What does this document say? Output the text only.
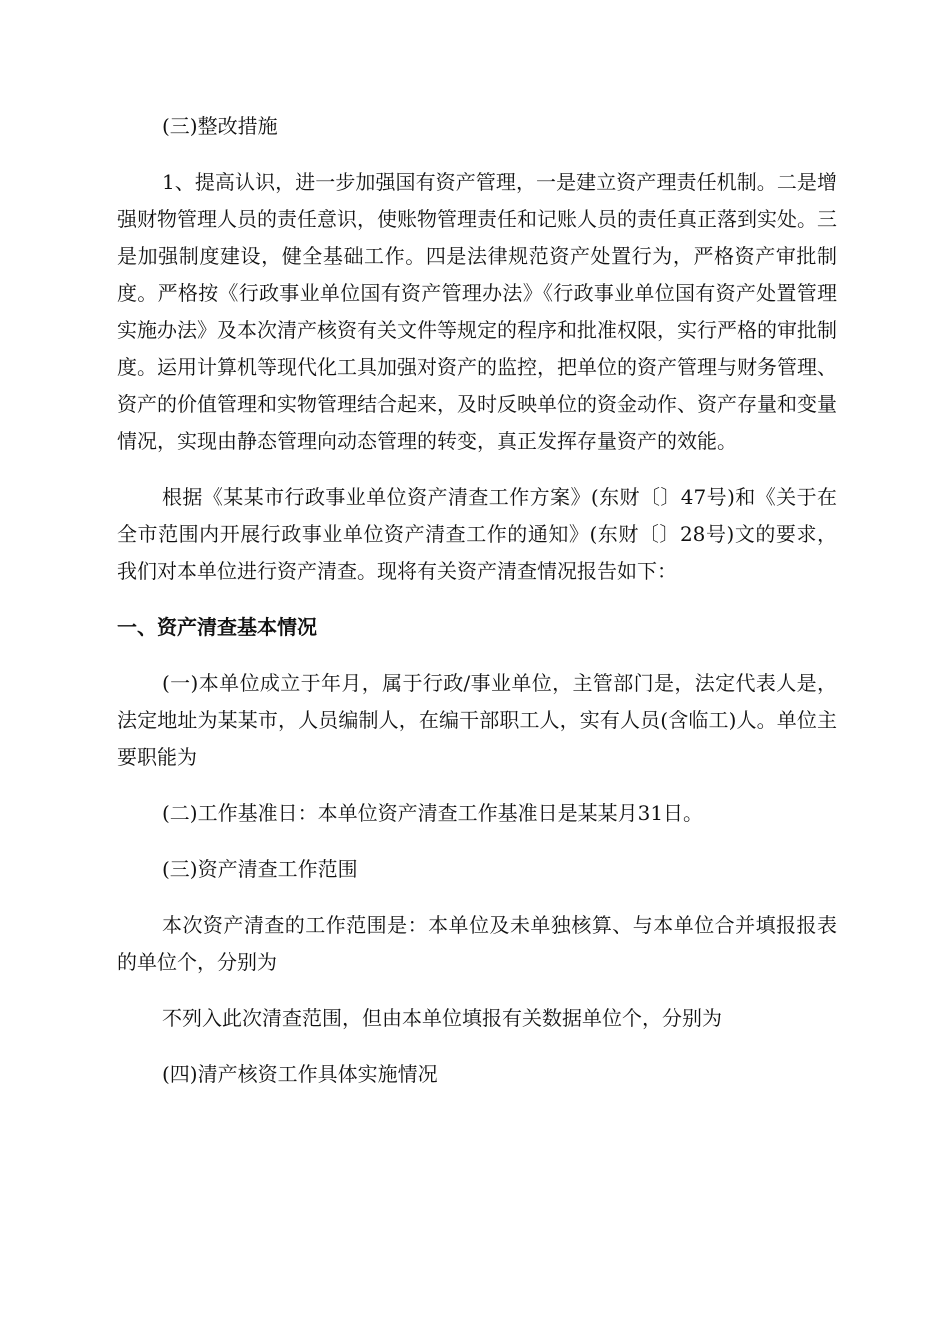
(三)整改措施

1、提高认识，进一步加强国有资产管理，一是建立资产理责任机制。二是增强财物管理人员的责任意识，使账物管理责任和记账人员的责任真正落到实处。三是加强制度建设，健全基础工作。四是法律规范资产处置行为，严格资产审批制度。严格按《行政事业单位国有资产管理办法》《行政事业单位国有资产处置管理实施办法》及本次清产核资有关文件等规定的程序和批准权限，实行严格的审批制度。运用计算机等现代化工具加强对资产的监控，把单位的资产管理与财务管理、资产的价值管理和实物管理结合起来，及时反映单位的资金动作、资产存量和变量情况，实现由静态管理向动态管理的转变，真正发挥存量资产的效能。

根据《某某市行政事业单位资产清查工作方案》(东财〔〕47号)和《关于在全市范围内开展行政事业单位资产清查工作的通知》(东财〔〕28号)文的要求，我们对本单位进行资产清查。现将有关资产清查情况报告如下：

一、资产清查基本情况

(一)本单位成立于年月，属于行政/事业单位，主管部门是，法定代表人是，法定地址为某某市，人员编制人，在编干部职工人，实有人员(含临工)人。单位主要职能为

(二)工作基准日：本单位资产清查工作基准日是某某月31日。

(三)资产清查工作范围

本次资产清查的工作范围是：本单位及未单独核算、与本单位合并填报报表的单位个，分别为

不列入此次清查范围，但由本单位填报有关数据单位个，分别为

(四)清产核资工作具体实施情况
